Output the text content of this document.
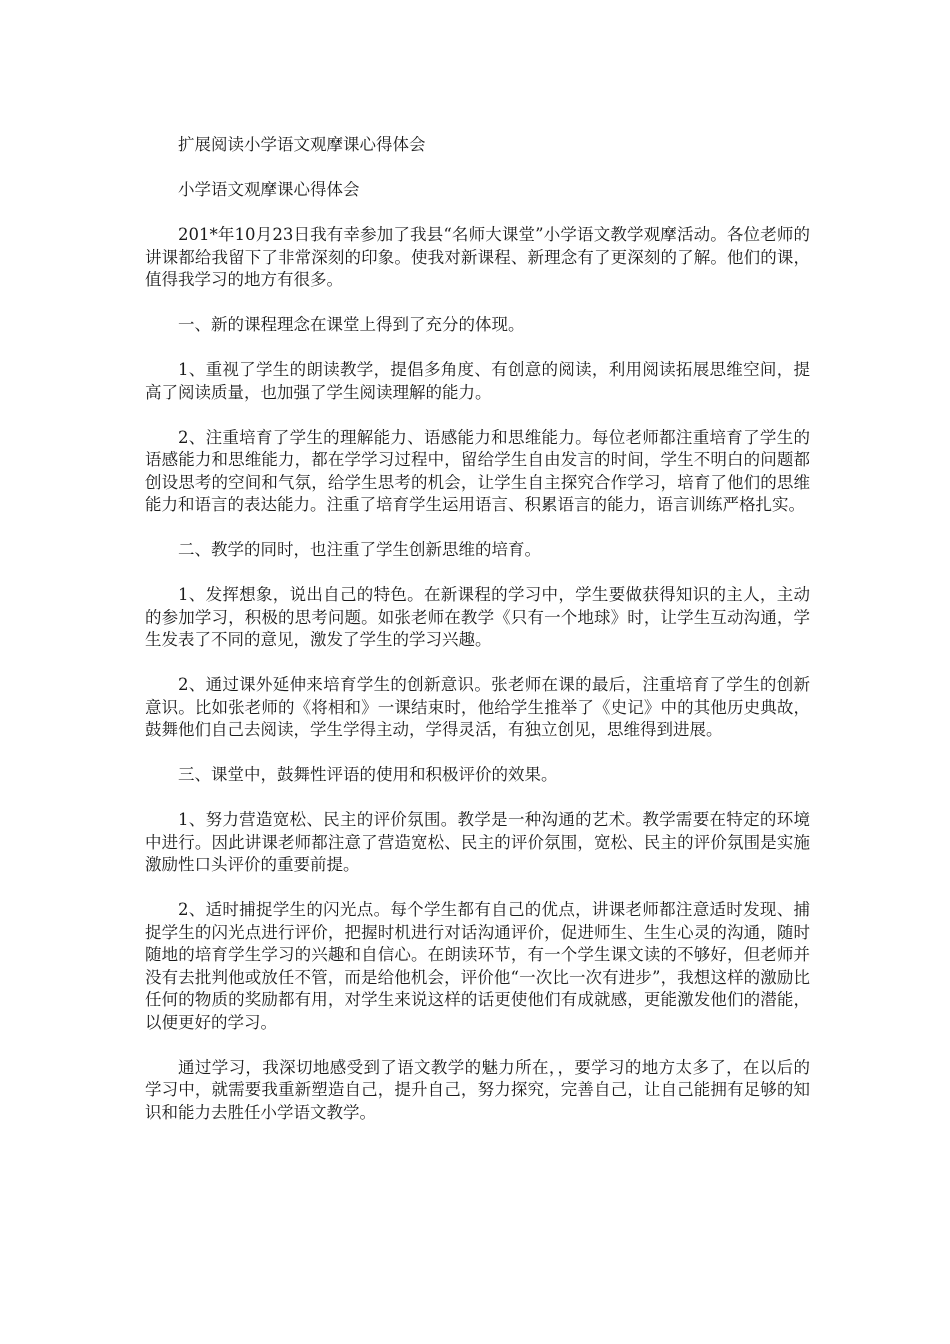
扩展阅读小学语文观摩课心得体会

小学语文观摩课心得体会

201*年10月23日我有幸参加了我县“名师大课堂”小学语文教学观摩活动。各位老师的讲课都给我留下了非常深刻的印象。使我对新课程、新理念有了更深刻的了解。他们的课，值得我学习的地方有很多。

一、新的课程理念在课堂上得到了充分的体现。

1、重视了学生的朗读教学，提倡多角度、有创意的阅读，利用阅读拓展思维空间，提高了阅读质量，也加强了学生阅读理解的能力。

2、注重培育了学生的理解能力、语感能力和思维能力。每位老师都注重培育了学生的语感能力和思维能力，都在学学习过程中，留给学生自由发言的时间，学生不明白的问题都创设思考的空间和气氛，给学生思考的机会，让学生自主探究合作学习，培育了他们的思维能力和语言的表达能力。注重了培育学生运用语言、积累语言的能力，语言训练严格扎实。

二、教学的同时，也注重了学生创新思维的培育。

1、发挥想象，说出自己的特色。在新课程的学习中，学生要做获得知识的主人，主动的参加学习，积极的思考问题。如张老师在教学《只有一个地球》时，让学生互动沟通，学生发表了不同的意见，激发了学生的学习兴趣。

2、通过课外延伸来培育学生的创新意识。张老师在课的最后，注重培育了学生的创新意识。比如张老师的《将相和》一课结束时，他给学生推举了《史记》中的其他历史典故，鼓舞他们自己去阅读，学生学得主动，学得灵活，有独立创见，思维得到进展。

三、课堂中，鼓舞性评语的使用和积极评价的效果。

1、努力营造宽松、民主的评价氛围。教学是一种沟通的艺术。教学需要在特定的环境中进行。因此讲课老师都注意了营造宽松、民主的评价氛围，宽松、民主的评价氛围是实施激励性口头评价的重要前提。

2、适时捕捉学生的闪光点。每个学生都有自己的优点，讲课老师都注意适时发现、捕捉学生的闪光点进行评价，把握时机进行对话沟通评价，促进师生、生生心灵的沟通，随时随地的培育学生学习的兴趣和自信心。在朗读环节，有一个学生课文读的不够好，但老师并没有去批判他或放任不管，而是给他机会，评价他“一次比一次有进步”，我想这样的激励比任何的物质的奖励都有用，对学生来说这样的话更使他们有成就感，更能激发他们的潜能，以便更好的学习。

通过学习，我深切地感受到了语文教学的魅力所在，，要学习的地方太多了，在以后的学习中，就需要我重新塑造自己，提升自己，努力探究，完善自己，让自己能拥有足够的知识和能力去胜任小学语文教学。
